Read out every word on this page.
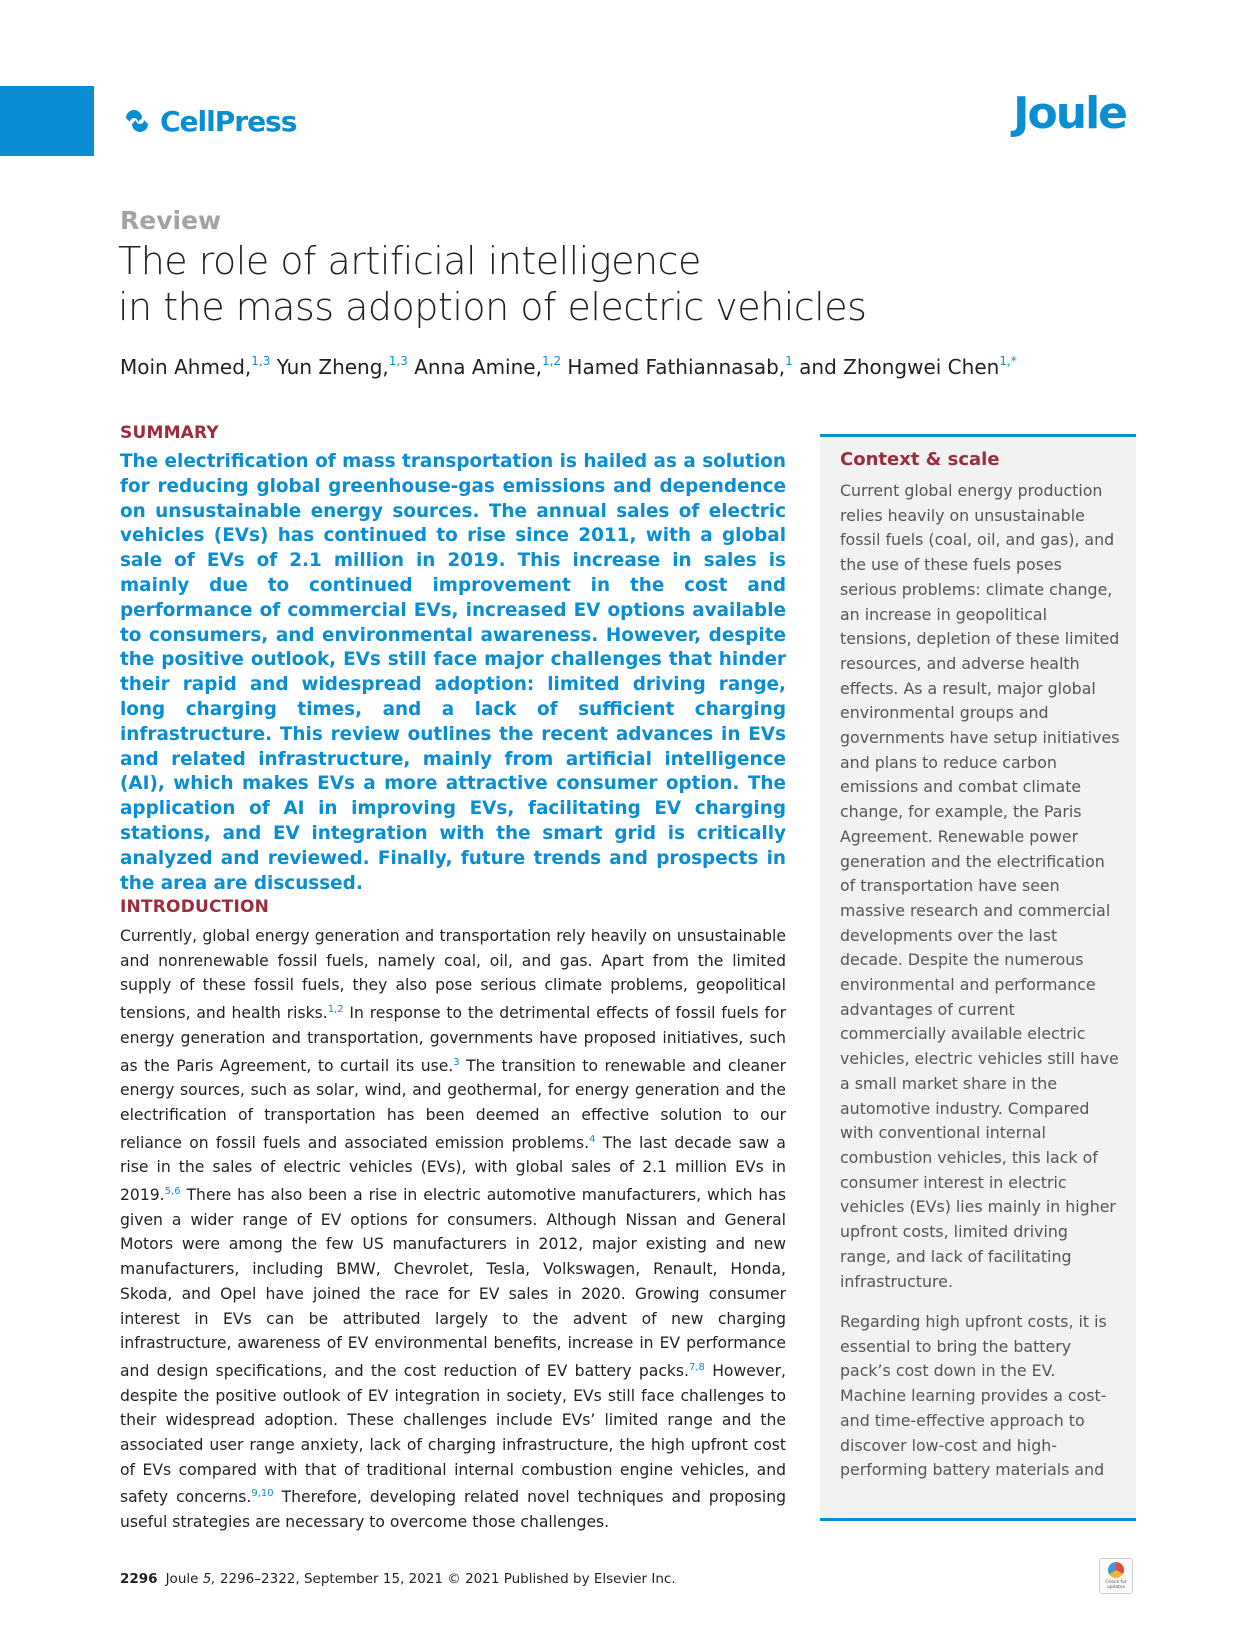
CellPress	Joule
Review
The role of artificial intelligence
in the mass adoption of electric vehicles
Moin Ahmed,$^{1,3}$ Yun Zheng,$^{1,3}$ Anna Amine,$^{1,2}$ Hamed Fathiannasab,$^1$ and Zhongwei Chen$^{1,*}$
SUMMARY

The electrification of mass transportation is hailed as a solution for reducing global greenhouse-gas emissions and dependence on unsustainable energy sources. The annual sales of electric vehicles (EVs) has continued to rise since 2011, with a global sale of EVs of 2.1 million in 2019. This increase in sales is mainly due to continued improvement in the cost and performance of commercial EVs, increased EV options available to consumers, and environmental awareness. However, despite the positive outlook, EVs still face major challenges that hinder their rapid and widespread adoption: limited driving range, long charging times, and a lack of sufficient charging infrastructure. This review outlines the recent advances in EVs and related infrastructure, mainly from artificial intelligence (AI), which makes EVs a more attractive consumer option. The application of AI in improving EVs, facilitating EV charging stations, and EV integration with the smart grid is critically analyzed and reviewed. Finally, future trends and prospects in the area are discussed.

INTRODUCTION

Currently, global energy generation and transportation rely heavily on unsustainable and nonrenewable fossil fuels, namely coal, oil, and gas. Apart from the limited supply of these fossil fuels, they also pose serious climate problems, geopolitical tensions, and health risks.$^{1,2}$ In response to the detrimental effects of fossil fuels for energy generation and transportation, governments have proposed initiatives, such as the Paris Agreement, to curtail its use.$^3$ The transition to renewable and cleaner energy sources, such as solar, wind, and geothermal, for energy generation and the electrification of transportation has been deemed an effective solution to our reliance on fossil fuels and associated emission problems.$^4$ The last decade saw a rise in the sales of electric vehicles (EVs), with global sales of 2.1 million EVs in 2019.$^{5,6}$ There has also been a rise in electric automotive manufacturers, which has given a wider range of EV options for consumers. Although Nissan and General Motors were among the few US manufacturers in 2012, major existing and new manufacturers, including BMW, Chevrolet, Tesla, Volkswagen, Renault, Honda, Skoda, and Opel have joined the race for EV sales in 2020. Growing consumer interest in EVs can be attributed largely to the advent of new charging infrastructure, awareness of EV environmental benefits, increase in EV performance and design specifications, and the cost reduction of EV battery packs.$^{7,8}$ However, despite the positive outlook of EV integration in society, EVs still face challenges to their widespread adoption. These challenges include EVs’ limited range and the associated user range anxiety, lack of charging infrastructure, the high upfront cost of EVs compared with that of traditional internal combustion engine vehicles, and safety concerns.$^{9,10}$ Therefore, developing related novel techniques and proposing useful strategies are necessary to overcome those challenges.

Context & scale

Current global energy production relies heavily on unsustainable fossil fuels (coal, oil, and gas), and the use of these fuels poses serious problems: climate change, an increase in geopolitical tensions, depletion of these limited resources, and adverse health effects. As a result, major global environmental groups and governments have setup initiatives and plans to reduce carbon emissions and combat climate change, for example, the Paris Agreement. Renewable power generation and the electrification of transportation have seen massive research and commercial developments over the last decade. Despite the numerous environmental and performance advantages of current commercially available electric vehicles, electric vehicles still have a small market share in the automotive industry. Compared with conventional internal combustion vehicles, this lack of consumer interest in electric vehicles (EVs) lies mainly in higher upfront costs, limited driving range, and lack of facilitating infrastructure.

Regarding high upfront costs, it is essential to bring the battery pack’s cost down in the EV. Machine learning provides a cost- and time-effective approach to discover low-cost and high-performing battery materials and

2296 Joule 5, 2296–2322, September 15, 2021 © 2021 Published by Elsevier Inc.	Check for updates
